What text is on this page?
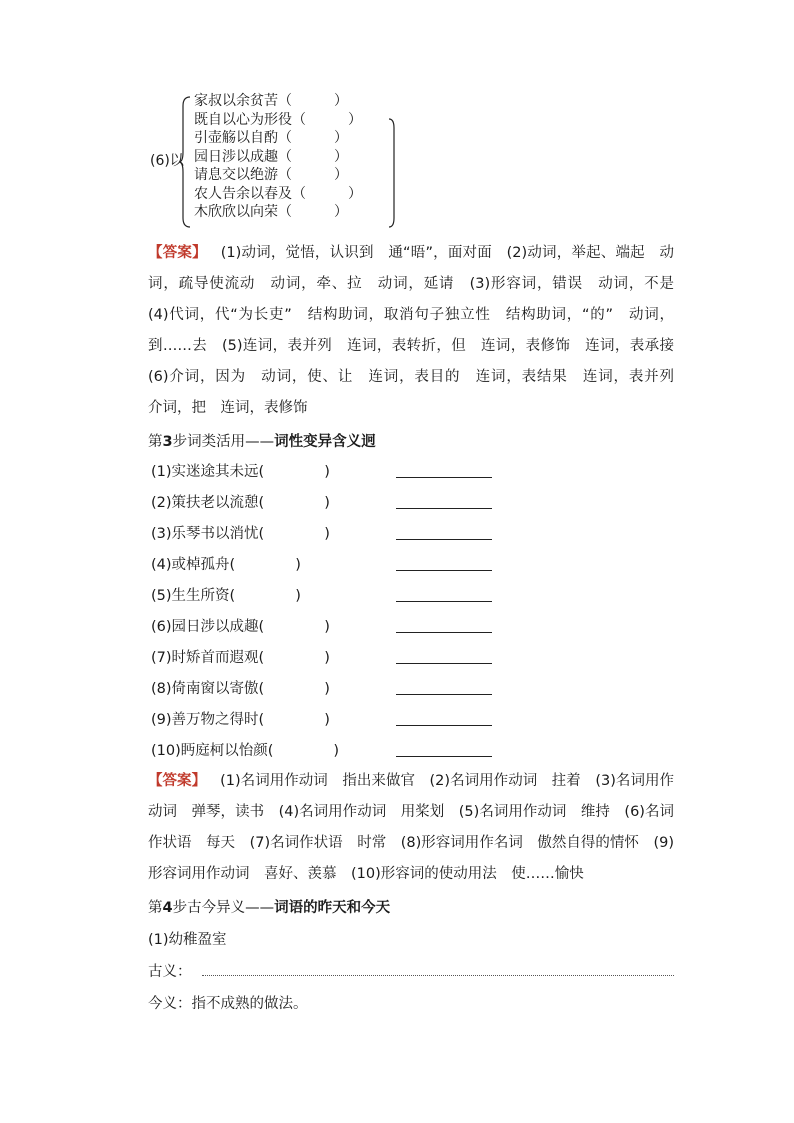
(6)以
家叔以余贫苦（　　　）
既自以心为形役（　　　）
引壶觞以自酌（　　　）
园日涉以成趣（　　　）
请息交以绝游（　　　）
农人告余以春及（　　　）
木欣欣以向荣（　　　）
【答案】 (1)动词，觉悟，认识到　通“晤”，面对面　(2)动词，举起、端起　动词，疏导使流动　动词，牵、拉　动词，延请　(3)形容词，错误　动词，不是　(4)代词，代“为长吏”　结构助词，取消句子独立性　结构助词，“的”　动词，到……去　(5)连词，表并列　连词，表转折，但　连词，表修饰　连词，表承接　(6)介词，因为　动词，使、让　连词，表目的　连词，表结果　连词，表并列　介词，把　连词，表修饰
第3步词类活用——词性变异含义迥
(1)实迷途其未远(	)
(2)策扶老以流憩(	)
(3)乐琴书以消忧(	)
(4)或棹孤舟(	)
(5)生生所资(	)
(6)园日涉以成趣(	)
(7)时矫首而遐观(	)
(8)倚南窗以寄傲(	)
(9)善万物之得时(	)
(10)眄庭柯以怡颜(	)
【答案】 (1)名词用作动词　指出来做官　(2)名词用作动词　拄着　(3)名词用作动词　弹琴，读书　(4)名词用作动词　用桨划　(5)名词用作动词　维持　(6)名词作状语　每天　(7)名词作状语　时常　(8)形容词用作名词　傲然自得的情怀　(9)形容词用作动词　喜好、羡慕　(10)形容词的使动用法　使……愉快
第4步古今异义——词语的昨天和今天
(1)幼稚盈室
古义：
今义：指不成熟的做法。
